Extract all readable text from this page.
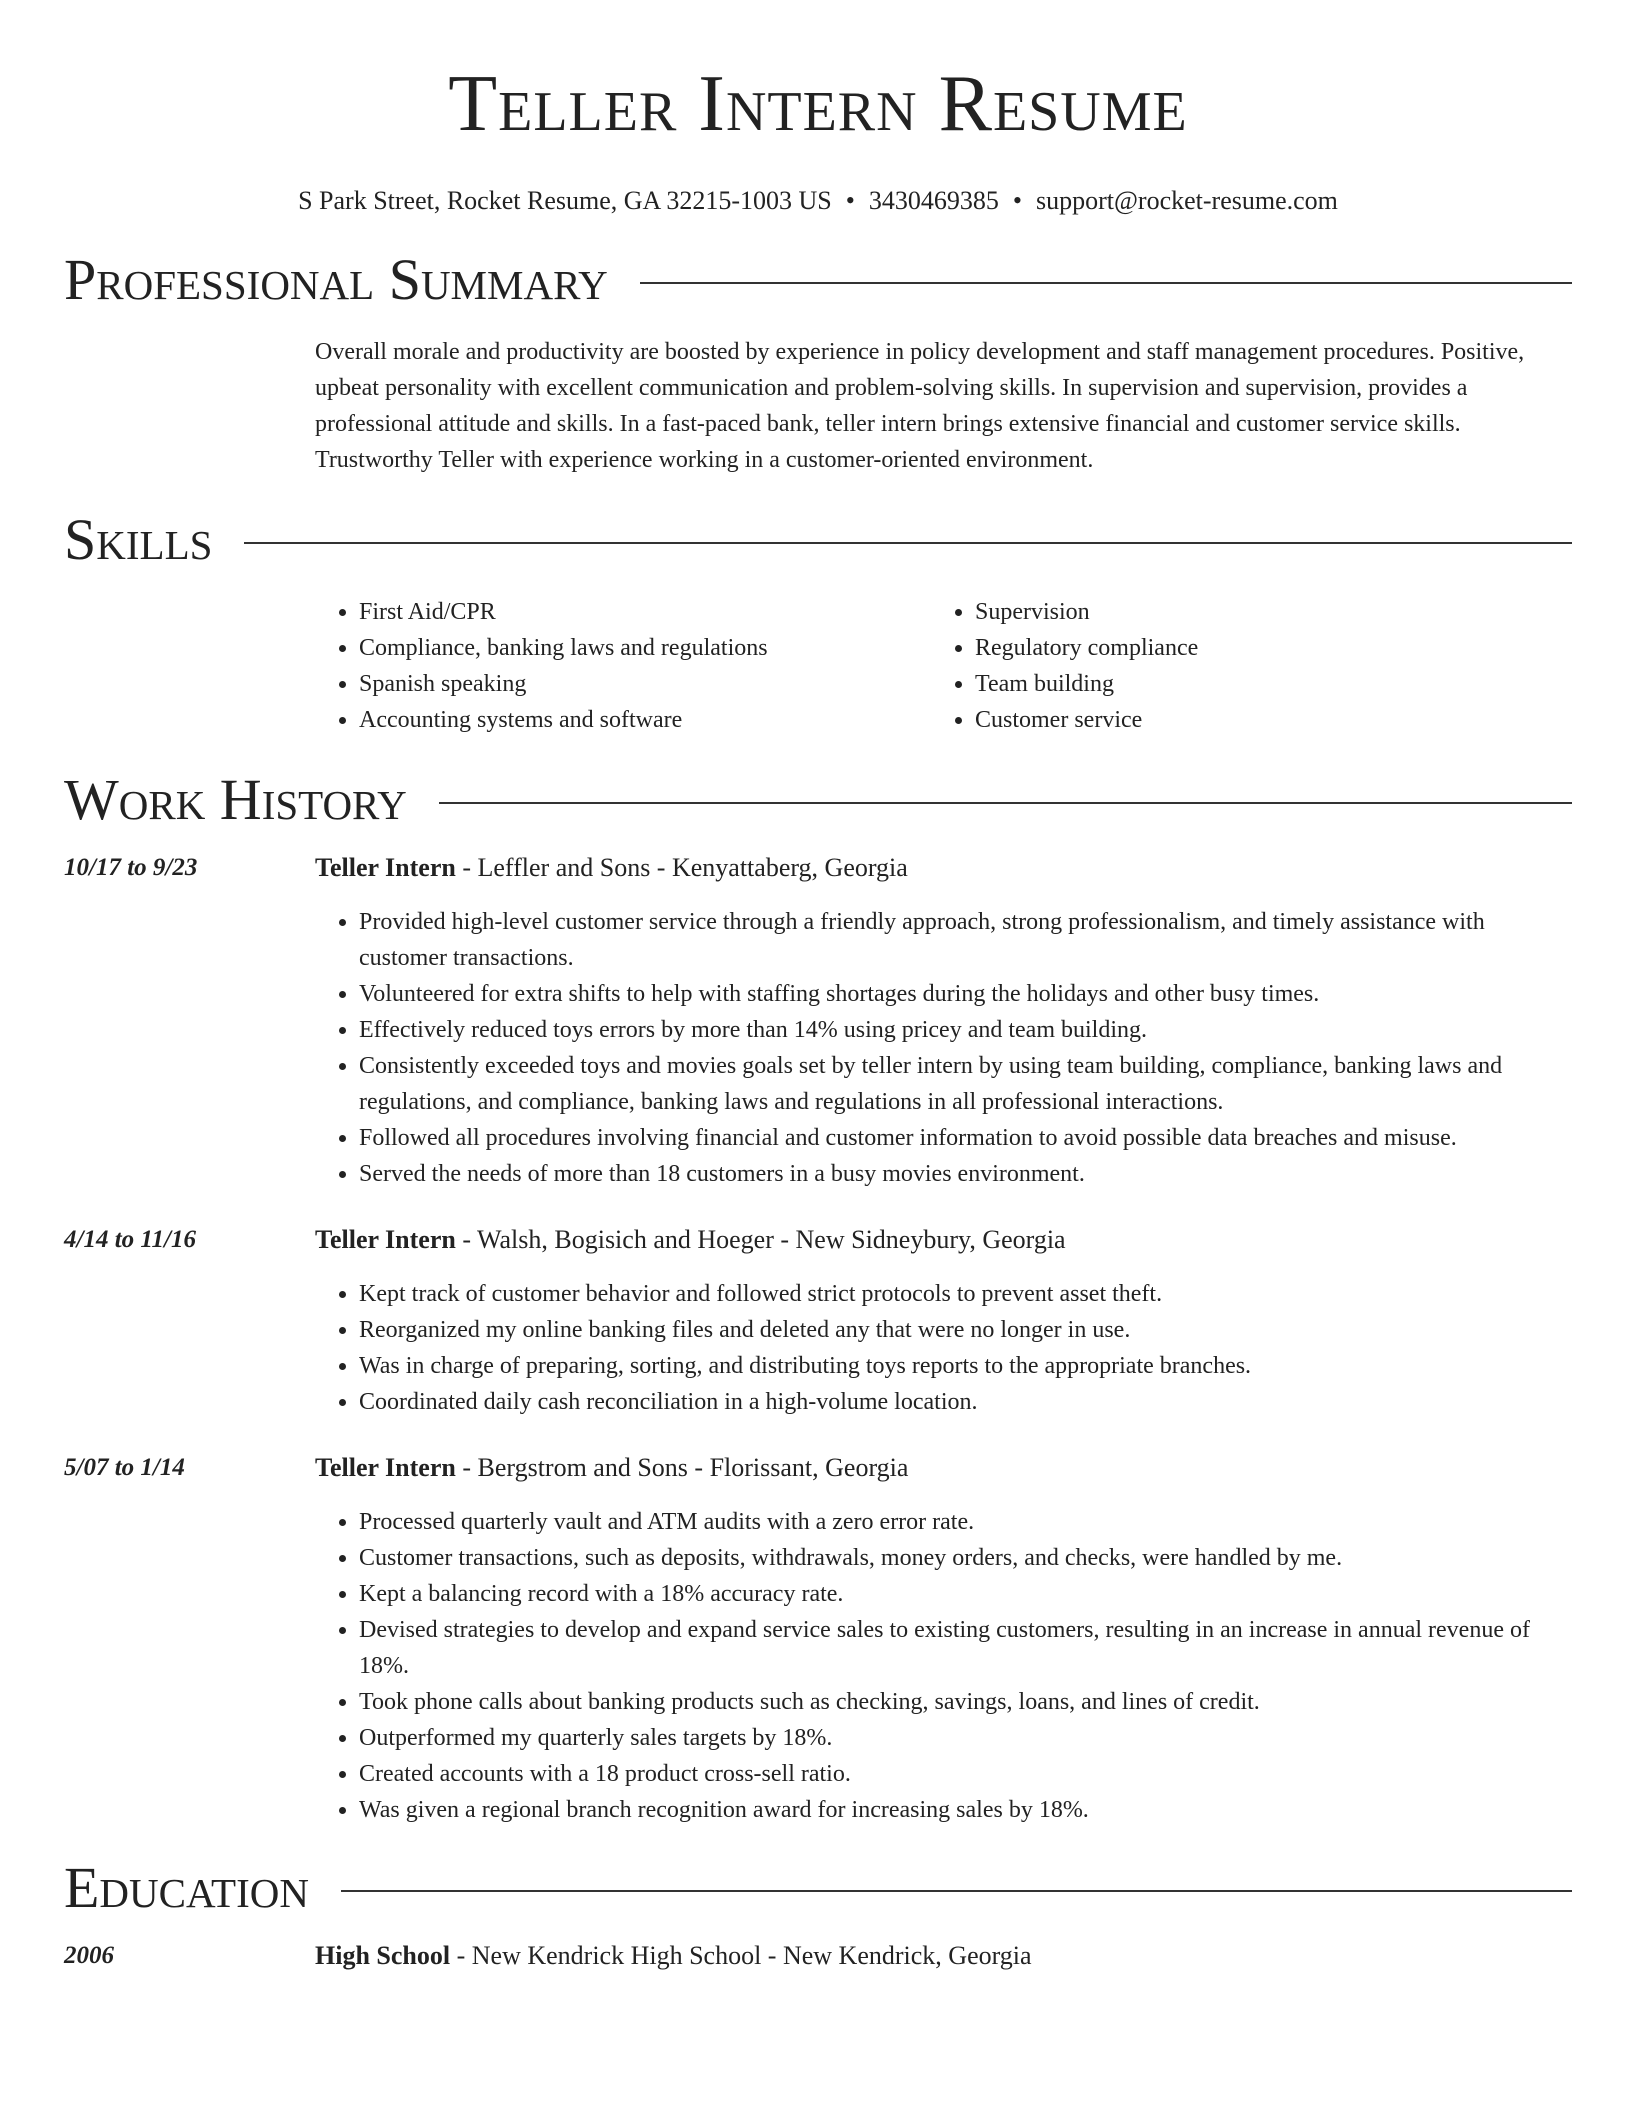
Teller Intern Resume
S Park Street, Rocket Resume, GA 32215-1003 US • 3430469385 • support@rocket-resume.com
Professional Summary

Overall morale and productivity are boosted by experience in policy development and staff management procedures. Positive, upbeat personality with excellent communication and problem-solving skills. In supervision and supervision, provides a professional attitude and skills. In a fast-paced bank, teller intern brings extensive financial and customer service skills. Trustworthy Teller with experience working in a customer-oriented environment.

Skills
• First Aid/CPR
• Compliance, banking laws and regulations
• Spanish speaking
• Accounting systems and software
• Supervision
• Regulatory compliance
• Team building
• Customer service
Work History
10/17 to 9/23	Teller Intern - Leffler and Sons - Kenyattaberg, Georgia
• Provided high-level customer service through a friendly approach, strong professionalism, and timely assistance with customer transactions.
• Volunteered for extra shifts to help with staffing shortages during the holidays and other busy times.
• Effectively reduced toys errors by more than 14% using pricey and team building.
• Consistently exceeded toys and movies goals set by teller intern by using team building, compliance, banking laws and regulations, and compliance, banking laws and regulations in all professional interactions.
• Followed all procedures involving financial and customer information to avoid possible data breaches and misuse.
• Served the needs of more than 18 customers in a busy movies environment.
4/14 to 11/16	Teller Intern - Walsh, Bogisich and Hoeger - New Sidneybury, Georgia
• Kept track of customer behavior and followed strict protocols to prevent asset theft.
• Reorganized my online banking files and deleted any that were no longer in use.
• Was in charge of preparing, sorting, and distributing toys reports to the appropriate branches.
• Coordinated daily cash reconciliation in a high-volume location.
5/07 to 1/14	Teller Intern - Bergstrom and Sons - Florissant, Georgia
• Processed quarterly vault and ATM audits with a zero error rate.
• Customer transactions, such as deposits, withdrawals, money orders, and checks, were handled by me.
• Kept a balancing record with a 18% accuracy rate.
• Devised strategies to develop and expand service sales to existing customers, resulting in an increase in annual revenue of 18%.
• Took phone calls about banking products such as checking, savings, loans, and lines of credit.
• Outperformed my quarterly sales targets by 18%.
• Created accounts with a 18 product cross-sell ratio.
• Was given a regional branch recognition award for increasing sales by 18%.
Education
2006	High School - New Kendrick High School - New Kendrick, Georgia
